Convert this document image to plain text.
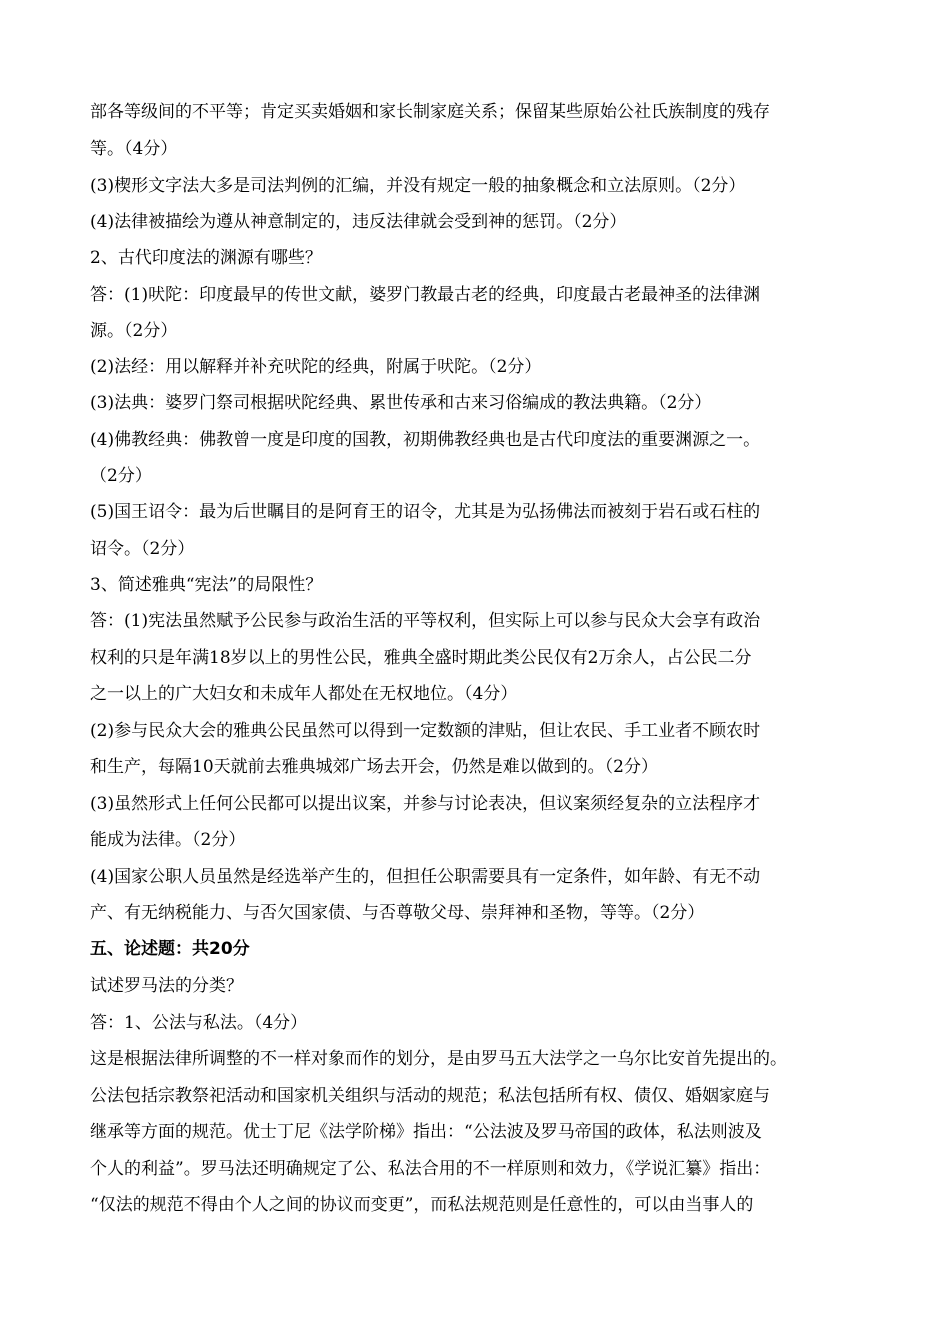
部各等级间的不平等；肯定买卖婚姻和家长制家庭关系；保留某些原始公社氏族制度的残存
等。（4分）
(3)楔形文字法大多是司法判例的汇编，并没有规定一般的抽象概念和立法原则。（2分）
(4)法律被描绘为遵从神意制定的，违反法律就会受到神的惩罚。（2分）
2、古代印度法的渊源有哪些？
答：(1)吠陀：印度最早的传世文献，婆罗门教最古老的经典，印度最古老最神圣的法律渊
源。（2分）
(2)法经：用以解释并补充吠陀的经典，附属于吠陀。（2分）
(3)法典：婆罗门祭司根据吠陀经典、累世传承和古来习俗编成的教法典籍。（2分）
(4)佛教经典：佛教曾一度是印度的国教，初期佛教经典也是古代印度法的重要渊源之一。
（2分）
(5)国王诏令：最为后世瞩目的是阿育王的诏令，尤其是为弘扬佛法而被刻于岩石或石柱的
诏令。（2分）
3、简述雅典“宪法”的局限性？
答：(1)宪法虽然赋予公民参与政治生活的平等权利，但实际上可以参与民众大会享有政治
权利的只是年满18岁以上的男性公民，雅典全盛时期此类公民仅有2万余人，占公民二分
之一以上的广大妇女和未成年人都处在无权地位。（4分）
(2)参与民众大会的雅典公民虽然可以得到一定数额的津贴，但让农民、手工业者不顾农时
和生产，每隔10天就前去雅典城郊广场去开会，仍然是难以做到的。（2分）
(3)虽然形式上任何公民都可以提出议案，并参与讨论表决，但议案须经复杂的立法程序才
能成为法律。（2分）
(4)国家公职人员虽然是经选举产生的，但担任公职需要具有一定条件，如年龄、有无不动
产、有无纳税能力、与否欠国家债、与否尊敬父母、崇拜神和圣物，等等。（2分）
五、论述题：共20分
试述罗马法的分类？
答：1、公法与私法。（4分）
这是根据法律所调整的不一样对象而作的划分，是由罗马五大法学之一乌尔比安首先提出的。
公法包括宗教祭祀活动和国家机关组织与活动的规范；私法包括所有权、债仅、婚姻家庭与
继承等方面的规范。优士丁尼《法学阶梯》指出：“公法波及罗马帝国的政体，私法则波及
个人的利益”。罗马法还明确规定了公、私法合用的不一样原则和效力，《学说汇纂》指出：
“仅法的规范不得由个人之间的协议而变更”，而私法规范则是任意性的，可以由当事人的
